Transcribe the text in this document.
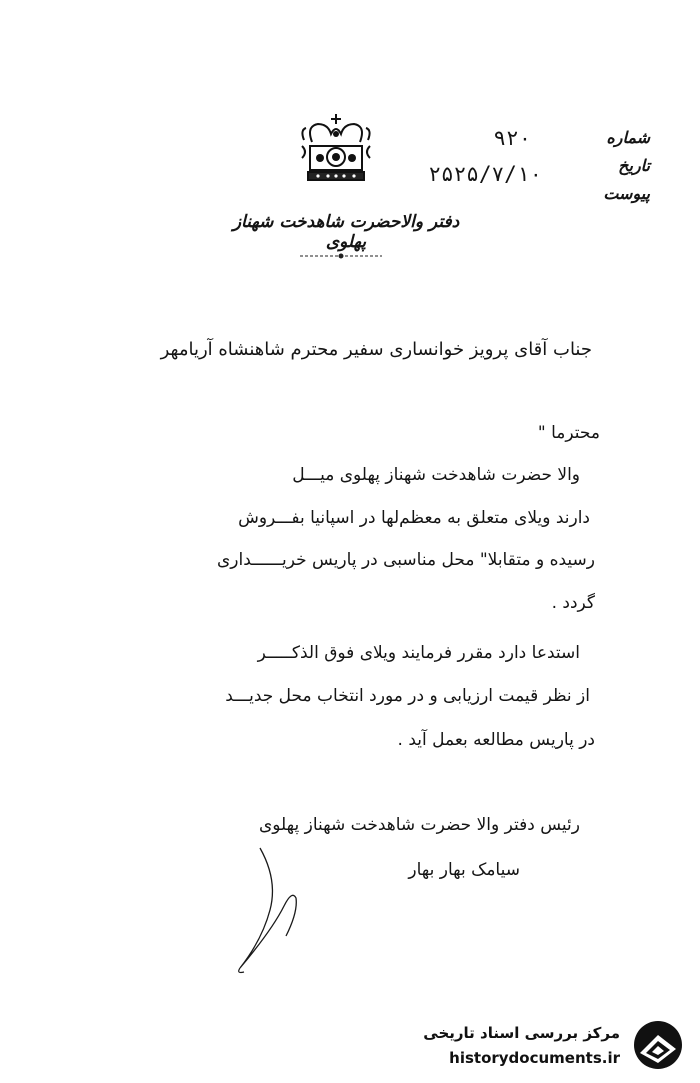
دفتر والاحضرت شاهدخت شهناز پهلوی
شماره
تاریخ
پیوست
۹۲۰
۲۵۲۵/۷/۱۰
جناب آقای پرویز خوانساری سفیر محترم شاهنشاه آریامهر
محترما "
والا حضرت شاهدخت شهناز پهلوی میـــل
دارند ویلای متعلق به معظم‌لها در اسپانیا بفـــروش
رسیده و متقابلا" محل مناسبی در پاریس خریــــــداری
گردد .
استدعا دارد مقرر فرمایند ویلای فوق الذکـــــر
از نظر قیمت ارزیابی و در مورد انتخاب محل جدیـــد
در پاریس مطالعه بعمل آید .
رئیس دفتر والا حضرت شاهدخت شهناز پهلوی
سیامک بهار بهار
مرکز بررسی اسناد تاریخی
historydocuments.ir
